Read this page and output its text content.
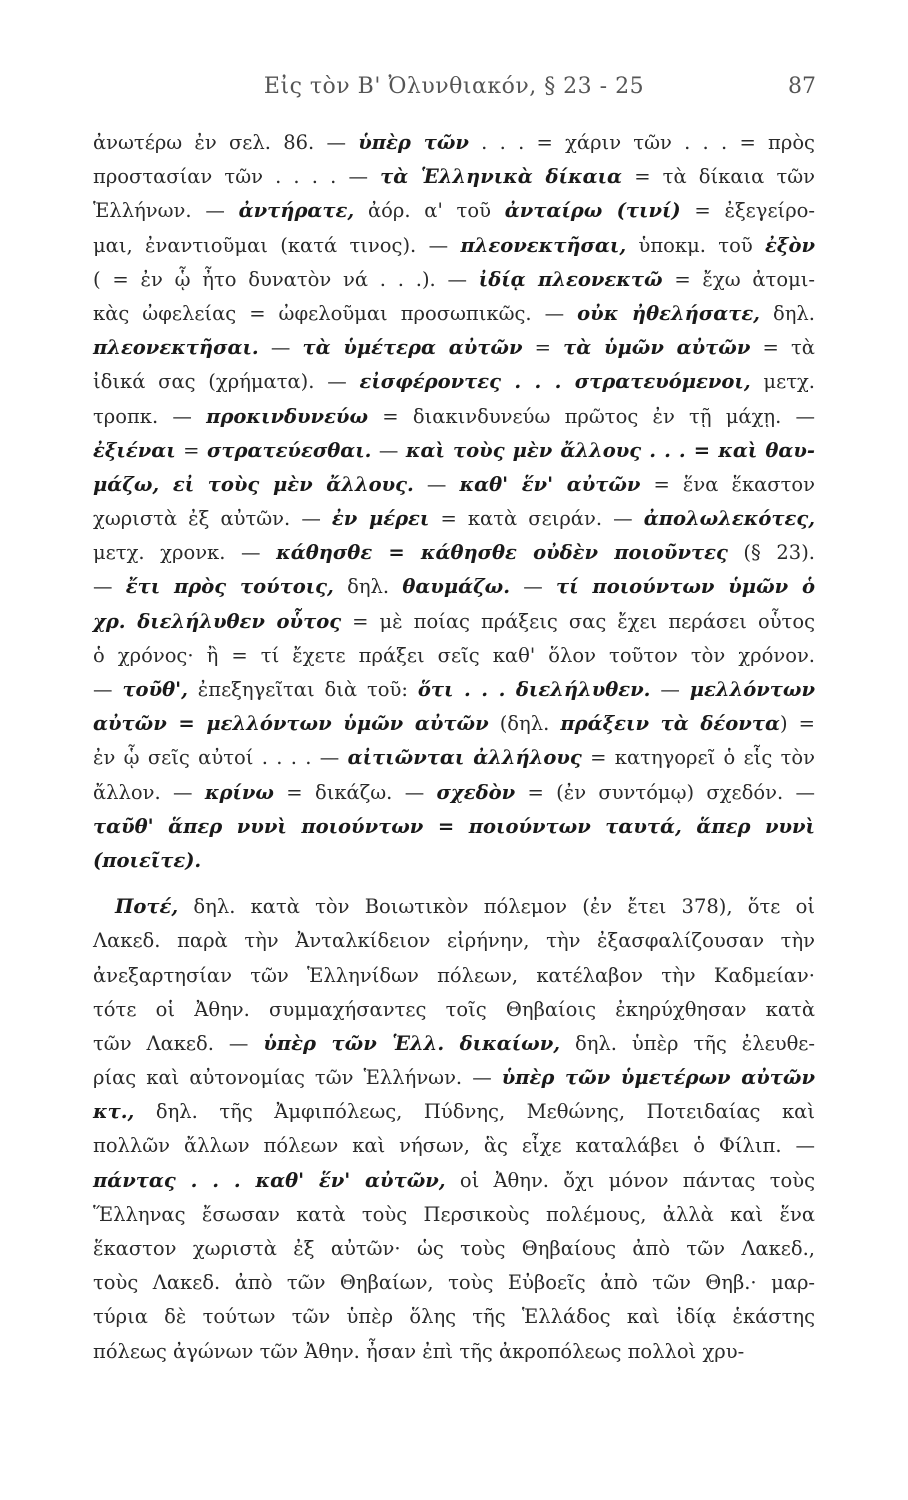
Εἰς τὸν Β' Ὀλυνθιακόν, § 23 - 25	87
ἀνωτέρω ἐν σελ. 86. — ὑπὲρ τῶν . . . = χάριν τῶν . . . = πρὸς
προστασίαν τῶν . . . . — τὰ Ἑλληνικὰ δίκαια = τὰ δίκαια τῶν
Ἑλλήνων. — ἀντήρατε, ἀόρ. α' τοῦ ἀνταίρω (τινί) = ἐξεγείρο-
μαι, ἐναντιοῦμαι (κατά τινος). — πλεονεκτῆσαι, ὑποκμ. τοῦ ἐξὸν
( = ἐν ᾧ ἦτο δυνατὸν νά . . .). — ἰδίᾳ πλεονεκτῶ = ἔχω ἀτομι-
κὰς ὠφελείας = ὠφελοῦμαι προσωπικῶς. — οὐκ ἠθελήσατε, δηλ.
πλεονεκτῆσαι. — τὰ ὑμέτερα αὐτῶν = τὰ ὑμῶν αὐτῶν = τὰ
ἰδικά σας (χρήματα). — εἰσφέροντες . . . στρατευόμενοι, μετχ.
τροπκ. — προκινδυνεύω = διακινδυνεύω πρῶτος ἐν τῇ μάχῃ. —
ἐξιέναι = στρατεύεσθαι. — καὶ τοὺς μὲν ἄλλους . . . = καὶ θαυ-
μάζω, εἰ τοὺς μὲν ἄλλους. — καθ' ἕν' αὐτῶν = ἕνα ἕκαστον
χωριστὰ ἐξ αὐτῶν. — ἐν μέρει = κατὰ σειράν. — ἀπολωλεκότες,
μετχ. χρονκ. — κάθησθε = κάθησθε οὐδὲν ποιοῦντες (§ 23).
— ἔτι πρὸς τούτοις, δηλ. θαυμάζω. — τί ποιούντων ὑμῶν ὁ
χρ. διελήλυθεν οὗτος = μὲ ποίας πράξεις σας ἔχει περάσει οὗτος
ὁ χρόνος· ἢ = τί ἔχετε πράξει σεῖς καθ' ὅλον τοῦτον τὸν χρόνον.
— τοῦθ', ἐπεξηγεῖται διὰ τοῦ: ὅτι . . . διελήλυθεν. — μελλόντων
αὐτῶν = μελλόντων ὑμῶν αὐτῶν (δηλ. πράξειν τὰ δέοντα) =
ἐν ᾧ σεῖς αὐτοί . . . . — αἰτιῶνται ἀλλήλους = κατηγορεῖ ὁ εἷς τὸν
ἄλλον. — κρίνω = δικάζω. — σχεδὸν = (ἐν συντόμῳ) σχεδόν. —
ταῦθ' ἅπερ νυνὶ ποιούντων = ποιούντων ταυτά, ἅπερ νυνὶ
(ποιεῖτε).
Ποτέ, δηλ. κατὰ τὸν Βοιωτικὸν πόλεμον (ἐν ἔτει 378), ὅτε οἱ
Λακεδ. παρὰ τὴν Ἀνταλκίδειον εἰρήνην, τὴν ἐξασφαλίζουσαν τὴν
ἀνεξαρτησίαν τῶν Ἑλληνίδων πόλεων, κατέλαβον τὴν Καδμείαν·
τότε οἱ Ἀθην. συμμαχήσαντες τοῖς Θηβαίοις ἐκηρύχθησαν κατὰ
τῶν Λακεδ. — ὑπὲρ τῶν Ἑλλ. δικαίων, δηλ. ὑπὲρ τῆς ἐλευθε-
ρίας καὶ αὐτονομίας τῶν Ἑλλήνων. — ὑπὲρ τῶν ὑμετέρων αὐτῶν
κτ., δηλ. τῆς Ἀμφιπόλεως, Πύδνης, Μεθώνης, Ποτειδαίας καὶ
πολλῶν ἄλλων πόλεων καὶ νήσων, ἃς εἶχε καταλάβει ὁ Φίλιπ. —
πάντας . . . καθ' ἕν' αὐτῶν, οἱ Ἀθην. ὄχι μόνον πάντας τοὺς
Ἕλληνας ἔσωσαν κατὰ τοὺς Περσικοὺς πολέμους, ἀλλὰ καὶ ἕνα
ἕκαστον χωριστὰ ἐξ αὐτῶν· ὡς τοὺς Θηβαίους ἀπὸ τῶν Λακεδ.,
τοὺς Λακεδ. ἀπὸ τῶν Θηβαίων, τοὺς Εὐβοεῖς ἀπὸ τῶν Θηβ.· μαρ-
τύρια δὲ τούτων τῶν ὑπὲρ ὅλης τῆς Ἑλλάδος καὶ ἰδίᾳ ἑκάστης
πόλεως ἀγώνων τῶν Ἀθην. ἦσαν ἐπὶ τῆς ἀκροπόλεως πολλοὶ χρυ-
